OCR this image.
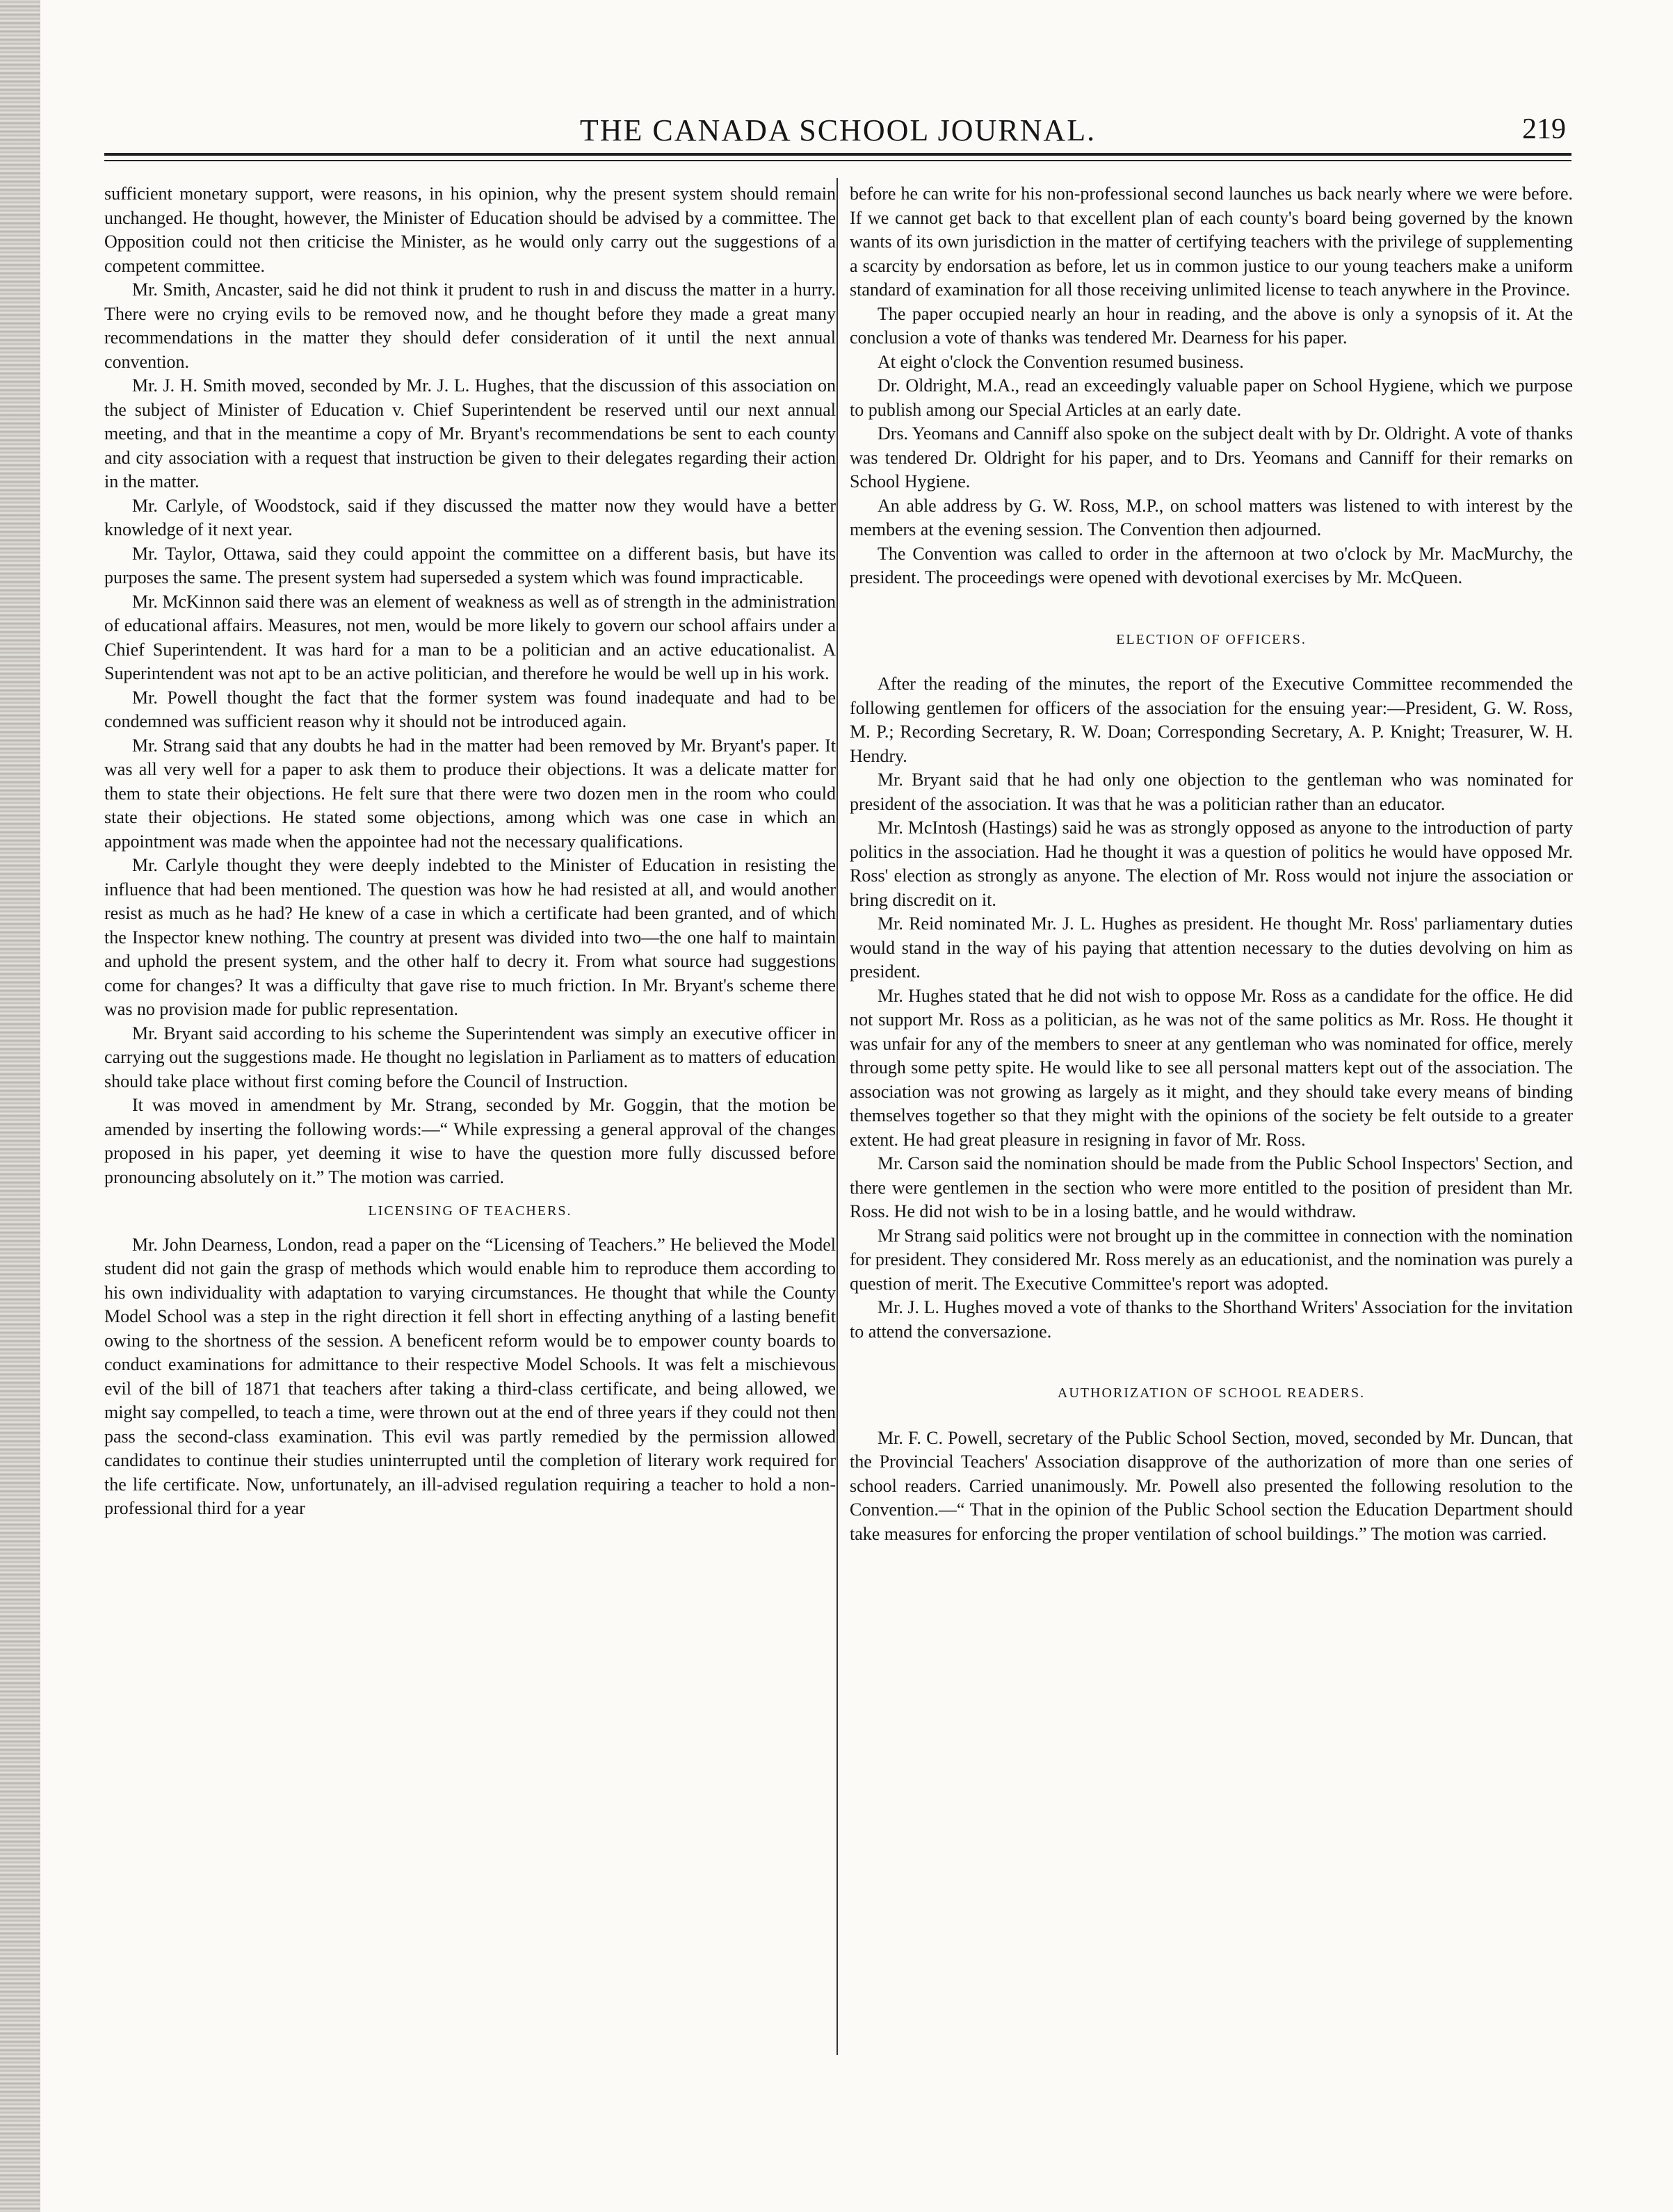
THE CANADA SCHOOL JOURNAL.	219

sufficient monetary support, were reasons, in his opinion, why the present system should remain unchanged. He thought, however, the Minister of Education should be advised by a committee. The Opposition could not then criticise the Minister, as he would only carry out the suggestions of a competent committee.

Mr. Smith, Ancaster, said he did not think it prudent to rush in and discuss the matter in a hurry. There were no crying evils to be removed now, and he thought before they made a great many recommendations in the matter they should defer consideration of it until the next annual convention.

Mr. J. H. Smith moved, seconded by Mr. J. L. Hughes, that the discussion of this association on the subject of Minister of Education v. Chief Superintendent be reserved until our next annual meeting, and that in the meantime a copy of Mr. Bryant's recommendations be sent to each county and city association with a request that instruction be given to their delegates regarding their action in the matter.

Mr. Carlyle, of Woodstock, said if they discussed the matter now they would have a better knowledge of it next year.

Mr. Taylor, Ottawa, said they could appoint the committee on a different basis, but have its purposes the same. The present system had superseded a system which was found impracticable.

Mr. McKinnon said there was an element of weakness as well as of strength in the administration of educational affairs. Measures, not men, would be more likely to govern our school affairs under a Chief Superintendent. It was hard for a man to be a politician and an active educationalist. A Superintendent was not apt to be an active politician, and therefore he would be well up in his work.

Mr. Powell thought the fact that the former system was found inadequate and had to be condemned was sufficient reason why it should not be introduced again.

Mr. Strang said that any doubts he had in the matter had been removed by Mr. Bryant's paper. It was all very well for a paper to ask them to produce their objections. It was a delicate matter for them to state their objections. He felt sure that there were two dozen men in the room who could state their objections. He stated some objections, among which was one case in which an appointment was made when the appointee had not the necessary qualifications.

Mr. Carlyle thought they were deeply indebted to the Minister of Education in resisting the influence that had been mentioned. The question was how he had resisted at all, and would another resist as much as he had? He knew of a case in which a certificate had been granted, and of which the Inspector knew nothing. The country at present was divided into two—the one half to maintain and uphold the present system, and the other half to decry it. From what source had suggestions come for changes? It was a difficulty that gave rise to much friction. In Mr. Bryant's scheme there was no provision made for public representation.

Mr. Bryant said according to his scheme the Superintendent was simply an executive officer in carrying out the suggestions made. He thought no legislation in Parliament as to matters of education should take place without first coming before the Council of Instruction.

It was moved in amendment by Mr. Strang, seconded by Mr. Goggin, that the motion be amended by inserting the following words:—“ While expressing a general approval of the changes proposed in his paper, yet deeming it wise to have the question more fully discussed before pronouncing absolutely on it.” The motion was carried.

LICENSING OF TEACHERS.

Mr. John Dearness, London, read a paper on the “Licensing of Teachers.” He believed the Model student did not gain the grasp of methods which would enable him to reproduce them according to his own individuality with adaptation to varying circumstances. He thought that while the County Model School was a step in the right direction it fell short in effecting anything of a lasting benefit owing to the shortness of the session. A beneficent reform would be to empower county boards to conduct examinations for admittance to their respective Model Schools. It was felt a mischievous evil of the bill of 1871 that teachers after taking a third-class certificate, and being allowed, we might say compelled, to teach a time, were thrown out at the end of three years if they could not then pass the second-class examination. This evil was partly remedied by the permission allowed candidates to continue their studies uninterrupted until the completion of literary work required for the life certificate. Now, unfortunately, an ill-advised regulation requiring a teacher to hold a non-professional third for a year

before he can write for his non-professional second launches us back nearly where we were before. If we cannot get back to that excellent plan of each county's board being governed by the known wants of its own jurisdiction in the matter of certifying teachers with the privilege of supplementing a scarcity by endorsation as before, let us in common justice to our young teachers make a uniform standard of examination for all those receiving unlimited license to teach anywhere in the Province.

The paper occupied nearly an hour in reading, and the above is only a synopsis of it. At the conclusion a vote of thanks was tendered Mr. Dearness for his paper.

At eight o'clock the Convention resumed business.

Dr. Oldright, M.A., read an exceedingly valuable paper on School Hygiene, which we purpose to publish among our Special Articles at an early date.

Drs. Yeomans and Canniff also spoke on the subject dealt with by Dr. Oldright. A vote of thanks was tendered Dr. Oldright for his paper, and to Drs. Yeomans and Canniff for their remarks on School Hygiene.

An able address by G. W. Ross, M.P., on school matters was listened to with interest by the members at the evening session. The Convention then adjourned.

The Convention was called to order in the afternoon at two o'clock by Mr. MacMurchy, the president. The proceedings were opened with devotional exercises by Mr. McQueen.

ELECTION OF OFFICERS.

After the reading of the minutes, the report of the Executive Committee recommended the following gentlemen for officers of the association for the ensuing year:—President, G. W. Ross, M. P.; Recording Secretary, R. W. Doan; Corresponding Secretary, A. P. Knight; Treasurer, W. H. Hendry.

Mr. Bryant said that he had only one objection to the gentleman who was nominated for president of the association. It was that he was a politician rather than an educator.

Mr. McIntosh (Hastings) said he was as strongly opposed as anyone to the introduction of party politics in the association. Had he thought it was a question of politics he would have opposed Mr. Ross' election as strongly as anyone. The election of Mr. Ross would not injure the association or bring discredit on it.

Mr. Reid nominated Mr. J. L. Hughes as president. He thought Mr. Ross' parliamentary duties would stand in the way of his paying that attention necessary to the duties devolving on him as president.

Mr. Hughes stated that he did not wish to oppose Mr. Ross as a candidate for the office. He did not support Mr. Ross as a politician, as he was not of the same politics as Mr. Ross. He thought it was unfair for any of the members to sneer at any gentleman who was nominated for office, merely through some petty spite. He would like to see all personal matters kept out of the association. The association was not growing as largely as it might, and they should take every means of binding themselves together so that they might with the opinions of the society be felt outside to a greater extent. He had great pleasure in resigning in favor of Mr. Ross.

Mr. Carson said the nomination should be made from the Public School Inspectors' Section, and there were gentlemen in the section who were more entitled to the position of president than Mr. Ross. He did not wish to be in a losing battle, and he would withdraw.

Mr Strang said politics were not brought up in the committee in connection with the nomination for president. They considered Mr. Ross merely as an educationist, and the nomination was purely a question of merit. The Executive Committee's report was adopted.

Mr. J. L. Hughes moved a vote of thanks to the Shorthand Writers' Association for the invitation to attend the conversazione.

AUTHORIZATION OF SCHOOL READERS.

Mr. F. C. Powell, secretary of the Public School Section, moved, seconded by Mr. Duncan, that the Provincial Teachers' Association disapprove of the authorization of more than one series of school readers. Carried unanimously. Mr. Powell also presented the following resolution to the Convention.—“ That in the opinion of the Public School section the Education Department should take measures for enforcing the proper ventilation of school buildings.” The motion was carried.
